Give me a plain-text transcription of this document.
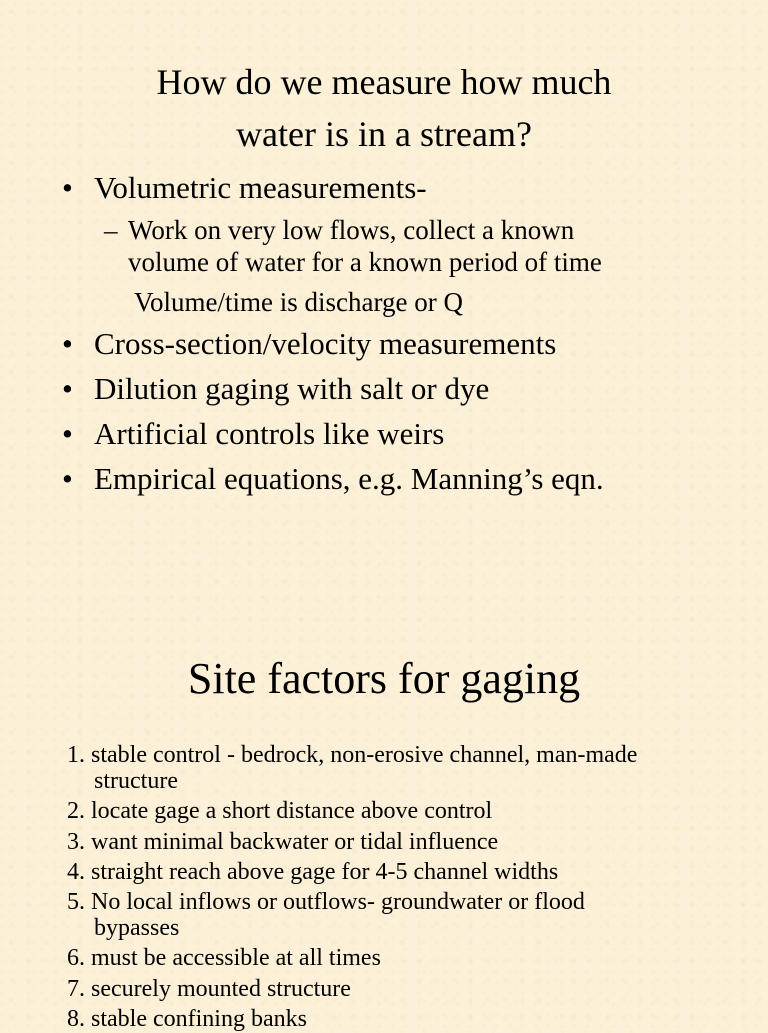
How do we measure how much
water is in a stream?
• Volumetric measurements-
– Work on very low flows, collect a known
volume of water for a known period of time
Volume/time is discharge or Q
• Cross-section/velocity measurements
• Dilution gaging with salt or dye
• Artificial controls like weirs
• Empirical equations, e.g. Manning’s eqn.
Site factors for gaging
1. stable control - bedrock, non-erosive channel, man-made
structure
2. locate gage a short distance above control
3. want minimal backwater or tidal influence
4. straight reach above gage for 4-5 channel widths
5. No local inflows or outflows- groundwater or flood
bypasses
6. must be accessible at all times
7. securely mounted structure
8. stable confining banks
